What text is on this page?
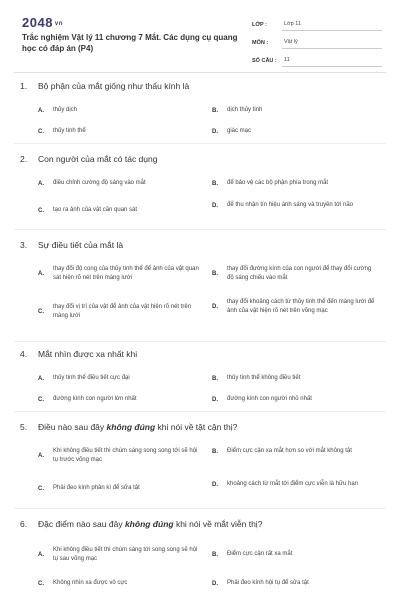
2048 vn
Trắc nghiệm Vật lý 11 chương 7 Mắt. Các dụng cụ quang học có đáp án (P4)
LỚP :	Lớp 11
MÔN :	Vật lý
SỐ CÂU :	11
1. Bộ phận của mắt giống như thấu kính là
A.	thủy dịch	B.	dịch thủy tinh
C.	thủy tinh thể	D.	giác mạc
2. Con người của mắt có tác dụng
A.	điều chỉnh cường độ sáng vào mắt	B.	để bảo vệ các bộ phận phía trong mắt
C.	tạo ra ảnh của vật cần quan sát
D.	để thu nhận tín hiệu ánh sáng và truyền tới não
3. Sự điều tiết của mắt là
A.
thay đổi độ cong của thủy tinh thể để ảnh của vật quan sát hiện rõ nét trên màng lưới
B.
thay đổi đường kính của con người để thay đổi cường độ sáng chiếu vào mắt
C.
thay đổi vị trí của vật để ảnh của vật hiện rõ nét trên màng lưới
D.
thay đổi khoảng cách từ thủy tinh thể đến màng lưới để ảnh của vật hiện rõ nét trên võng mạc
4. Mắt nhìn được xa nhất khi
A.	thủy tinh thể điều tiết cực đại	B.	thủy tinh thể không điều tiết
C.	đường kính con người lớn nhất	D.	đường kính con người nhỏ nhất
5. Điều nào sau đây không đúng khi nói về tật cận thị?
A.
Khi không điều tiết thì chùm sáng song song tới sẽ hội tụ trước võng mạc
B.	Điểm cực cận xa mắt hơn so với mắt không tật
C.	Phải đeo kính phân kì để sửa tật
D.	khoảng cách từ mắt tới điểm cực viễn là hữu hạn
6. Đặc điểm nào sau đây không đúng khi nói về mắt viễn thị?
A.
Khi không điều tiết thì chùm sáng tới song song sẽ hội tụ sau võng mạc
B.	Điểm cực cận rất xa mắt
C.	Không nhìn xa được vô cực	D.	Phải đeo kính hội tụ để sửa tật
